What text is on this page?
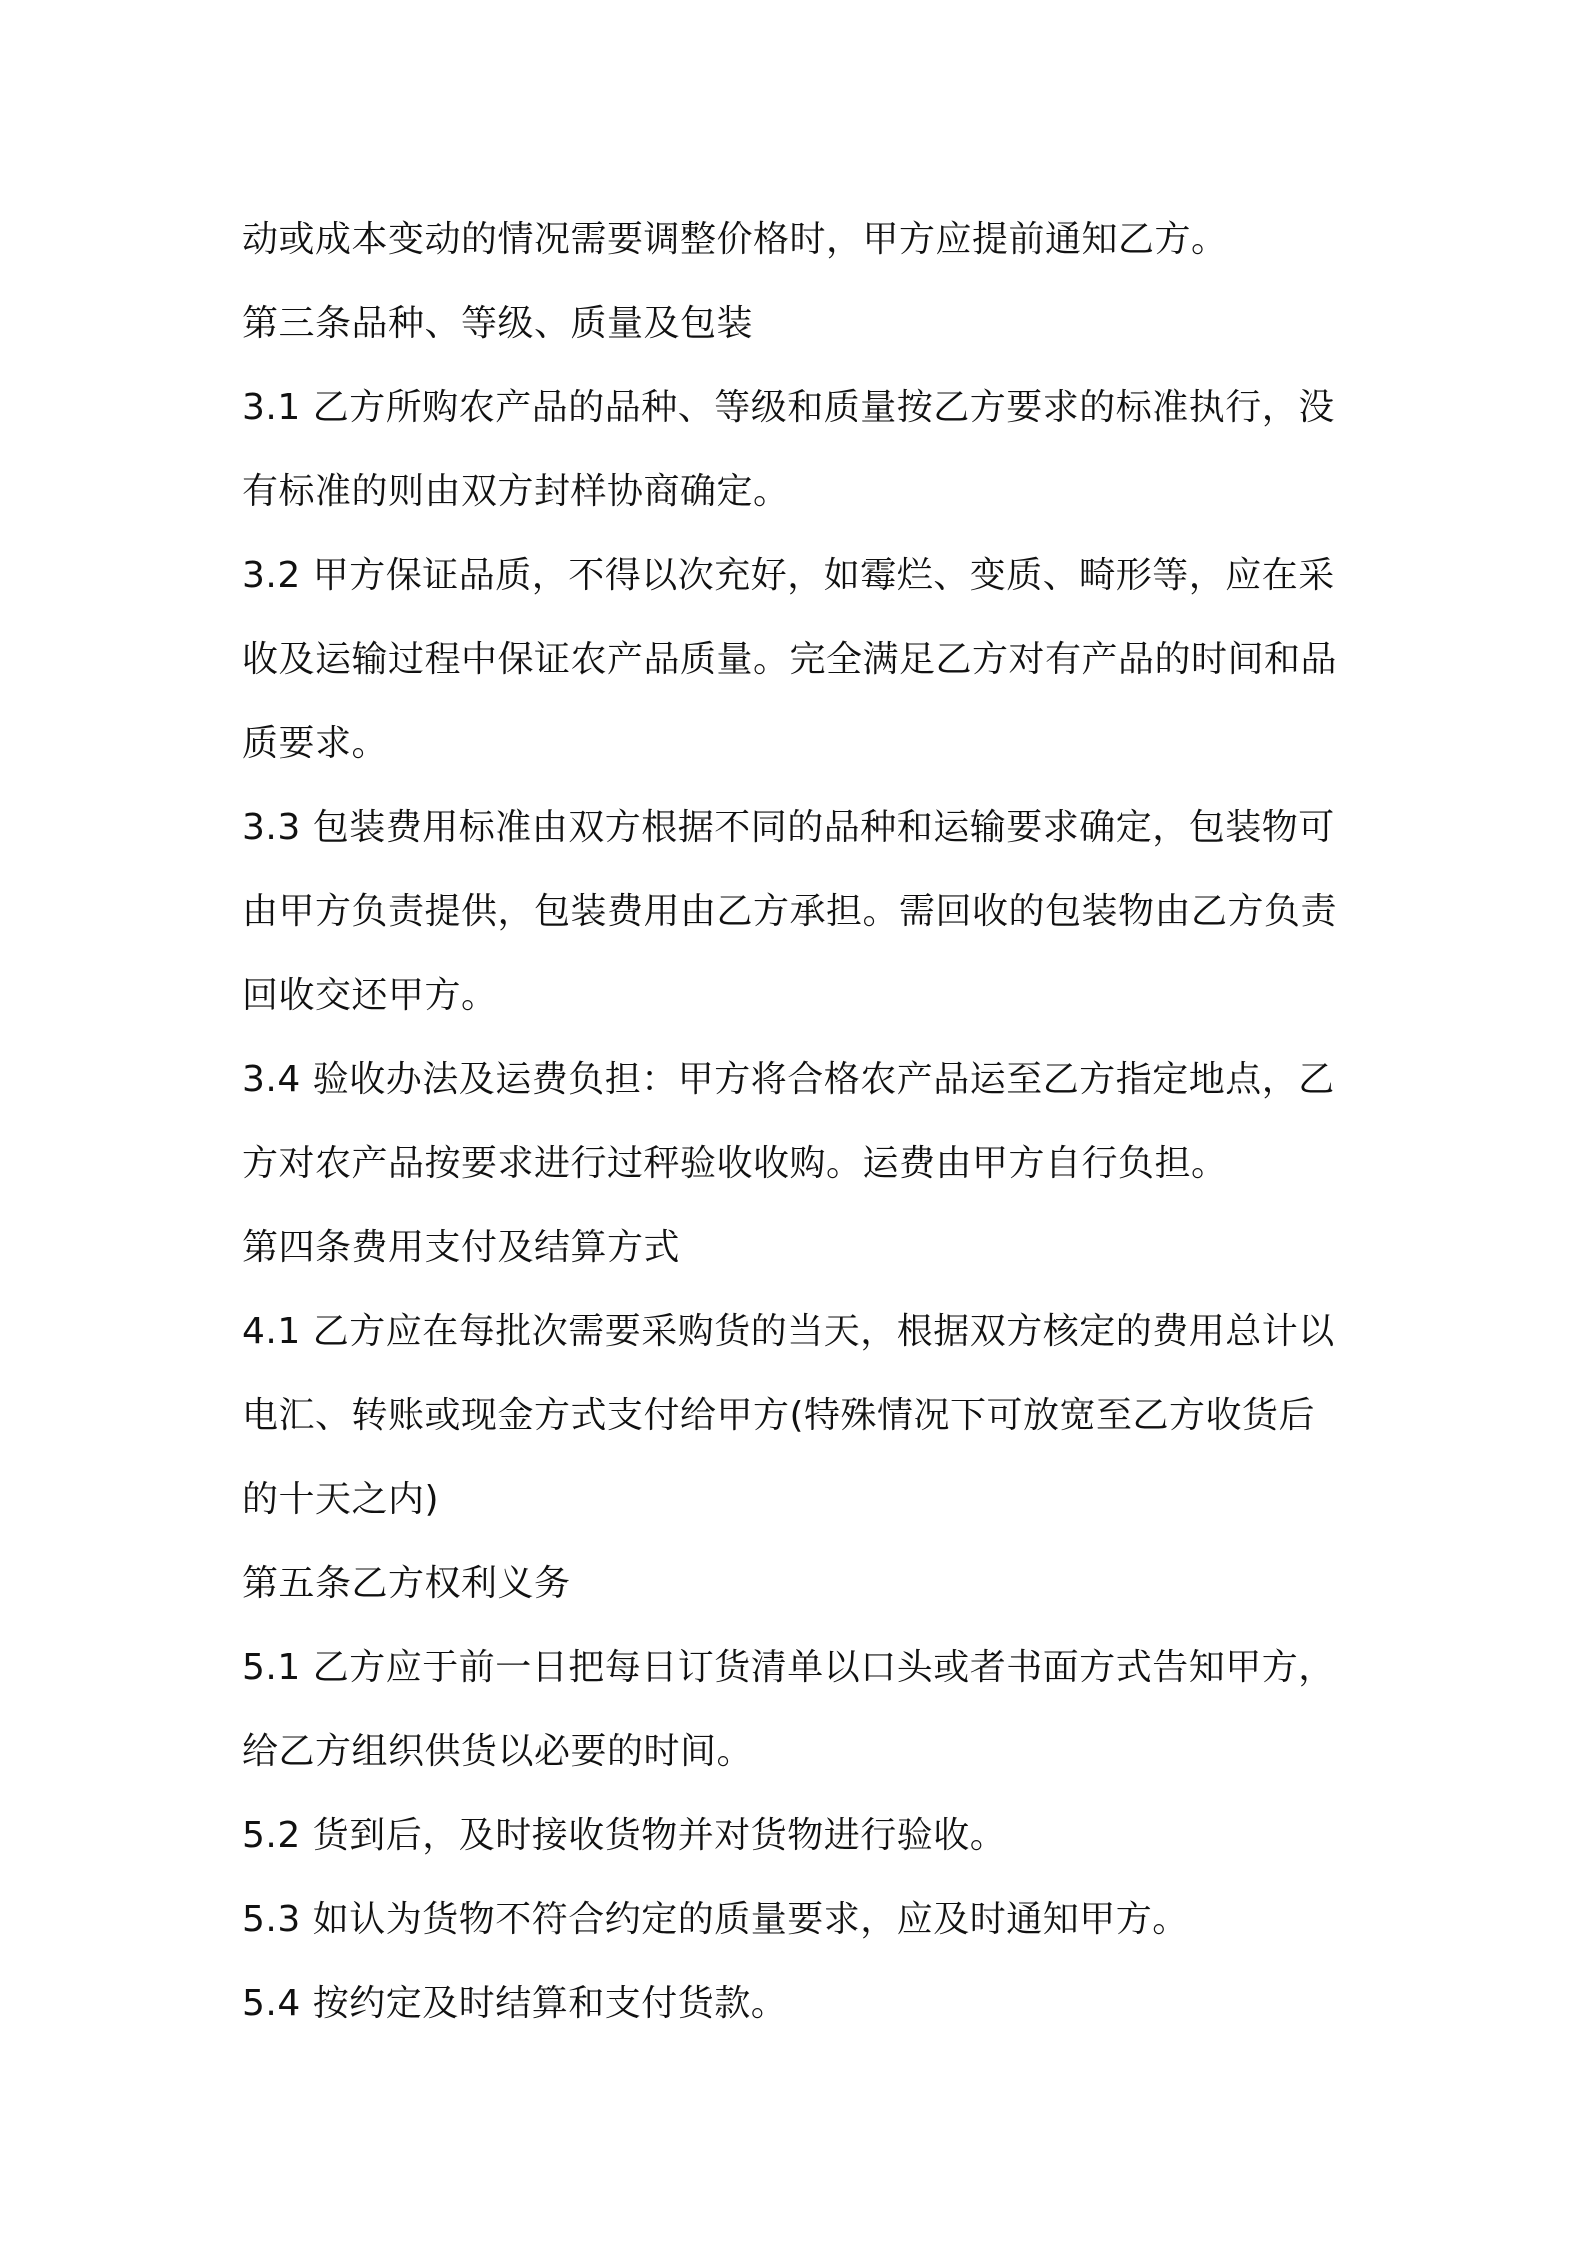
动或成本变动的情况需要调整价格时，甲方应提前通知乙方。
第三条品种、等级、质量及包装
3.1 乙方所购农产品的品种、等级和质量按乙方要求的标准执行，没
有标准的则由双方封样协商确定。
3.2 甲方保证品质，不得以次充好，如霉烂、变质、畸形等，应在采
收及运输过程中保证农产品质量。完全满足乙方对有产品的时间和品
质要求。
3.3 包装费用标准由双方根据不同的品种和运输要求确定，包装物可
由甲方负责提供，包装费用由乙方承担。需回收的包装物由乙方负责
回收交还甲方。
3.4 验收办法及运费负担：甲方将合格农产品运至乙方指定地点，乙
方对农产品按要求进行过秤验收收购。运费由甲方自行负担。
第四条费用支付及结算方式
4.1 乙方应在每批次需要采购货的当天，根据双方核定的费用总计以
电汇、转账或现金方式支付给甲方(特殊情况下可放宽至乙方收货后
的十天之内)
第五条乙方权利义务
5.1 乙方应于前一日把每日订货清单以口头或者书面方式告知甲方，
给乙方组织供货以必要的时间。
5.2 货到后，及时接收货物并对货物进行验收。
5.3 如认为货物不符合约定的质量要求，应及时通知甲方。
5.4 按约定及时结算和支付货款。
